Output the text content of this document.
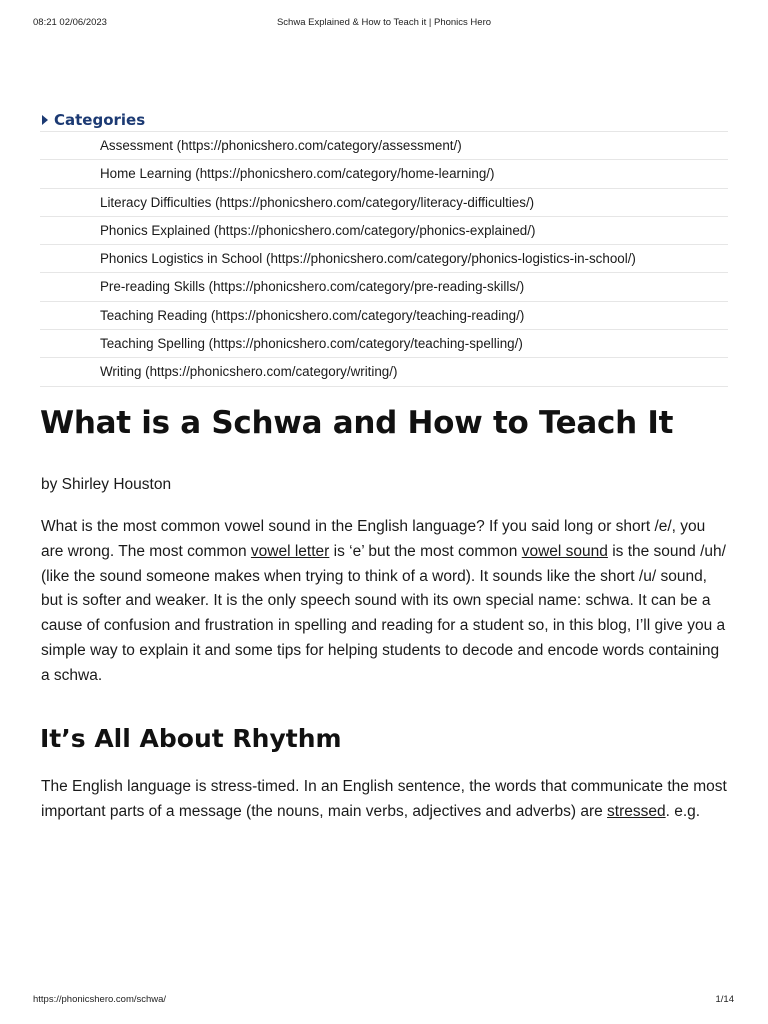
08:21 02/06/2023	Schwa Explained & How to Teach it | Phonics Hero
Categories
Assessment (https://phonicshero.com/category/assessment/)
Home Learning (https://phonicshero.com/category/home-learning/)
Literacy Difficulties (https://phonicshero.com/category/literacy-difficulties/)
Phonics Explained (https://phonicshero.com/category/phonics-explained/)
Phonics Logistics in School (https://phonicshero.com/category/phonics-logistics-in-school/)
Pre-reading Skills (https://phonicshero.com/category/pre-reading-skills/)
Teaching Reading (https://phonicshero.com/category/teaching-reading/)
Teaching Spelling (https://phonicshero.com/category/teaching-spelling/)
Writing (https://phonicshero.com/category/writing/)
What is a Schwa and How to Teach It
by Shirley Houston

What is the most common vowel sound in the English language? If you said long or short /e/, you are wrong. The most common vowel letter is ‘e’ but the most common vowel sound is the sound /uh/ (like the sound someone makes when trying to think of a word). It sounds like the short /u/ sound, but is softer and weaker. It is the only speech sound with its own special name: schwa. It can be a cause of confusion and frustration in spelling and reading for a student so, in this blog, I’ll give you a simple way to explain it and some tips for helping students to decode and encode words containing a schwa.

It’s All About Rhythm

The English language is stress-timed. In an English sentence, the words that communicate the most important parts of a message (the nouns, main verbs, adjectives and adverbs) are stressed. e.g.

https://phonicshero.com/schwa/	1/14
